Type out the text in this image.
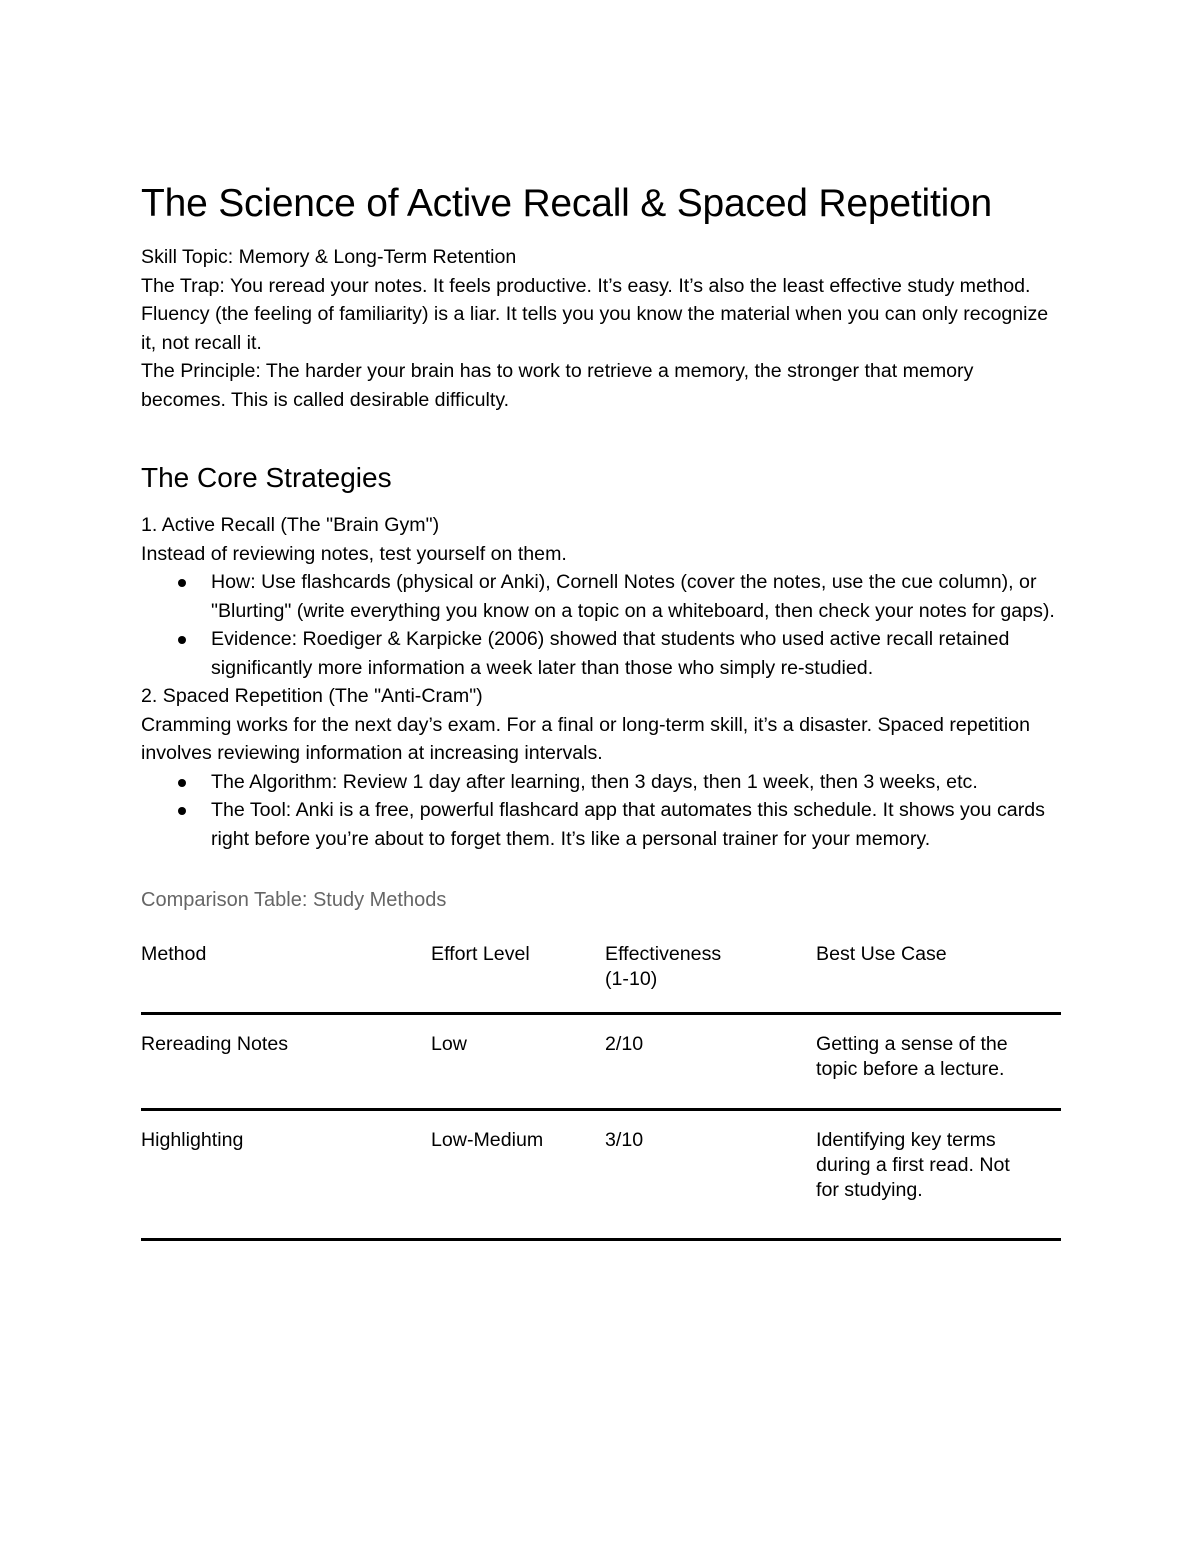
The Science of Active Recall & Spaced Repetition

Skill Topic: Memory & Long-Term Retention

The Trap: You reread your notes. It feels productive. It’s easy. It’s also the least effective study method. Fluency (the feeling of familiarity) is a liar. It tells you you know the material when you can only recognize it, not recall it.

The Principle: The harder your brain has to work to retrieve a memory, the stronger that memory becomes. This is called desirable difficulty.

The Core Strategies

1. Active Recall (The "Brain Gym")

Instead of reviewing notes, test yourself on them.

How: Use flashcards (physical or Anki), Cornell Notes (cover the notes, use the cue column), or "Blurting" (write everything you know on a topic on a whiteboard, then check your notes for gaps).
Evidence: Roediger & Karpicke (2006) showed that students who used active recall retained significantly more information a week later than those who simply re-studied.

2. Spaced Repetition (The "Anti-Cram")

Cramming works for the next day’s exam. For a final or long-term skill, it’s a disaster. Spaced repetition involves reviewing information at increasing intervals.

The Algorithm: Review 1 day after learning, then 3 days, then 1 week, then 3 weeks, etc.
The Tool: Anki is a free, powerful flashcard app that automates this schedule. It shows you cards right before you’re about to forget them. It’s like a personal trainer for your memory.
Comparison Table: Study Methods
Method	Effort Level	Effectiveness (1-10)	Best Use Case
Rereading Notes	Low	2/10	Getting a sense of the topic before a lecture.

Highlighting	Low-Medium	3/10	Identifying key terms during a first read. Not for studying.
